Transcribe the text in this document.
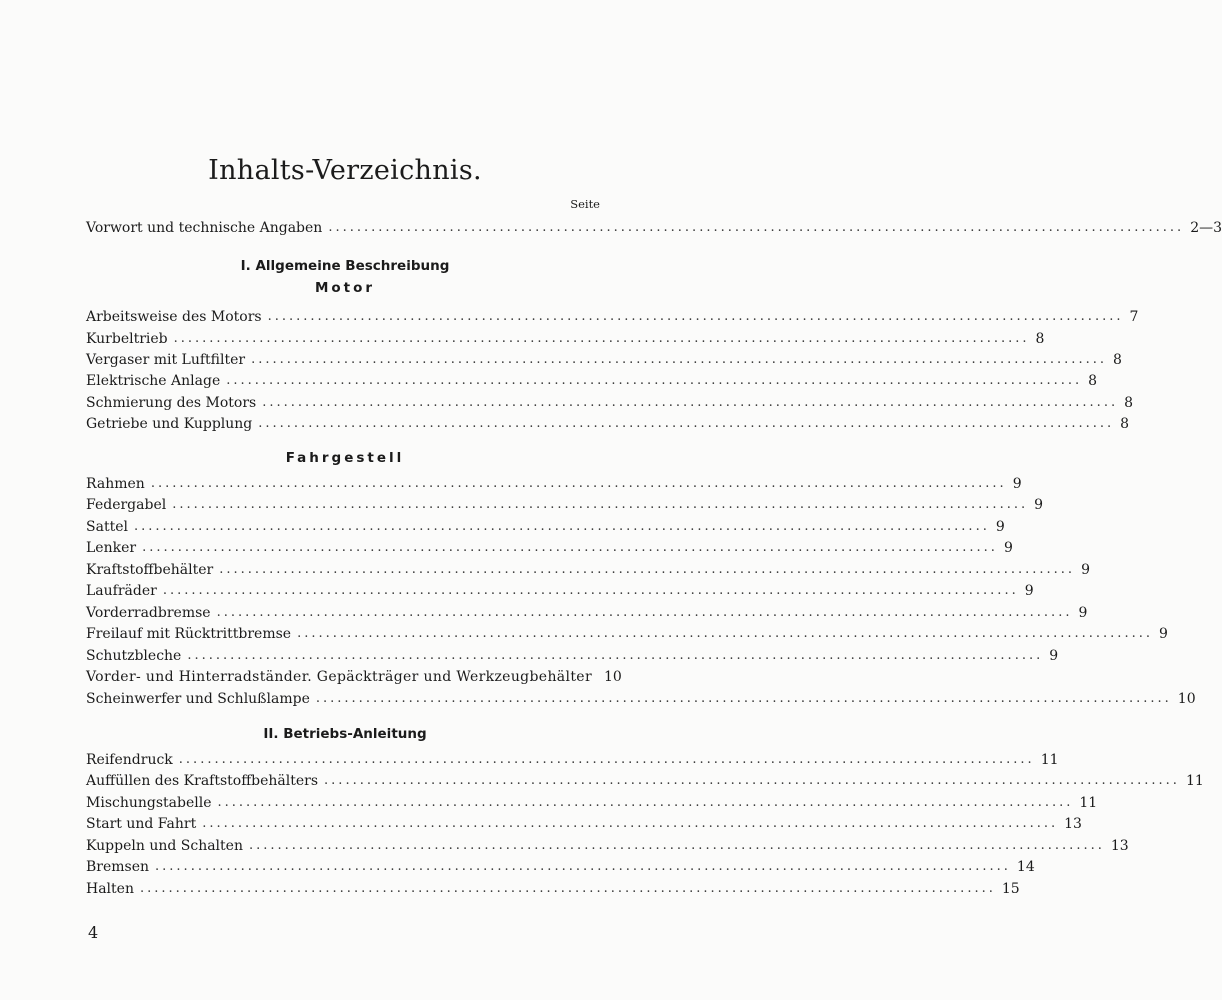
Inhalts-Verzeichnis.
Seite
Vorwort und technische Angaben ........................................................................................................................ 2—3
I. Allgemeine Beschreibung
Motor
Arbeitsweise des Motors ........................................................................................................................ 7
Kurbeltrieb ........................................................................................................................ 8
Vergaser mit Luftfilter ........................................................................................................................ 8
Elektrische Anlage ........................................................................................................................ 8
Schmierung des Motors ........................................................................................................................ 8
Getriebe und Kupplung ........................................................................................................................ 8
Fahrgestell
Rahmen ........................................................................................................................ 9
Federgabel ........................................................................................................................ 9
Sattel ........................................................................................................................ 9
Lenker ........................................................................................................................ 9
Kraftstoffbehälter ........................................................................................................................ 9
Laufräder ........................................................................................................................ 9
Vorderradbremse ........................................................................................................................ 9
Freilauf mit Rücktrittbremse ........................................................................................................................ 9
Schutzbleche ........................................................................................................................ 9
Vorder- und Hinterradständer. Gepäckträger und Werkzeugbehälter 10
Scheinwerfer und Schlußlampe ........................................................................................................................ 10
II. Betriebs-Anleitung
Reifendruck ........................................................................................................................ 11
Auffüllen des Kraftstoffbehälters ........................................................................................................................ 11
Mischungstabelle ........................................................................................................................ 11
Start und Fahrt ........................................................................................................................ 13
Kuppeln und Schalten ........................................................................................................................ 13
Bremsen ........................................................................................................................ 14
Halten ........................................................................................................................ 15
4
